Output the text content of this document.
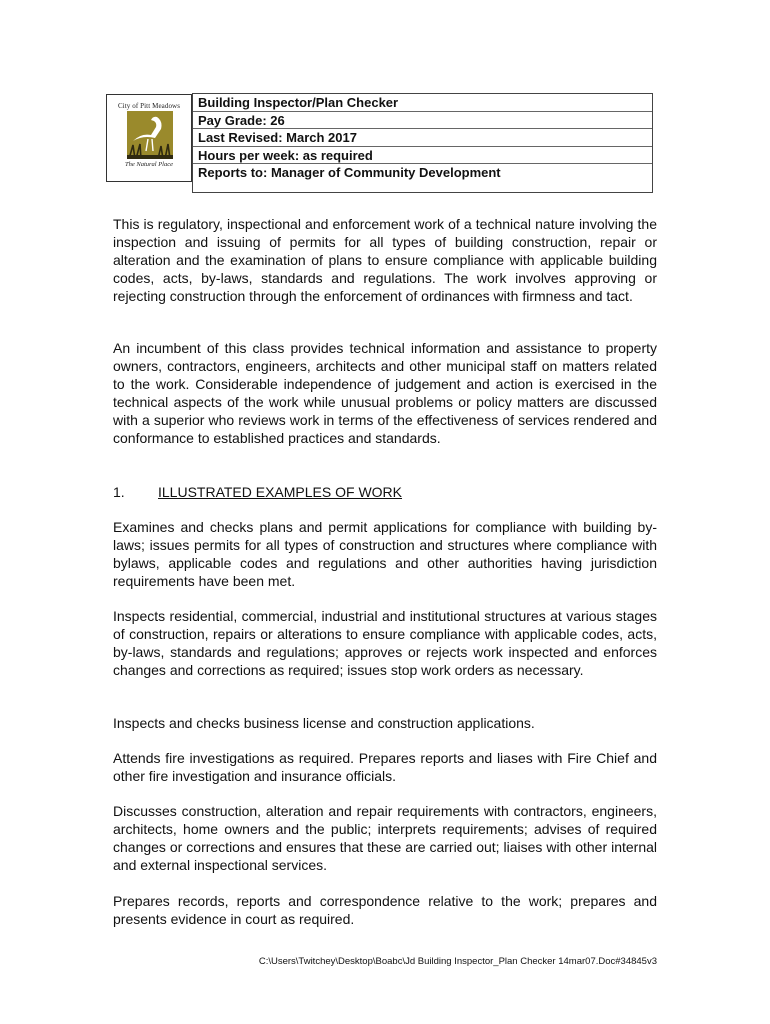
City of Pitt Meadows
The Natural Place
Building Inspector/Plan Checker
Pay Grade: 26
Last Revised: March 2017
Hours per week: as required
Reports to: Manager of Community Development

This is regulatory, inspectional and enforcement work of a technical nature involving the inspection and issuing of permits for all types of building construction, repair or alteration and the examination of plans to ensure compliance with applicable building codes, acts, by-laws, standards and regulations. The work involves approving or rejecting construction through the enforcement of ordinances with firmness and tact.

An incumbent of this class provides technical information and assistance to property owners, contractors, engineers, architects and other municipal staff on matters related to the work. Considerable independence of judgement and action is exercised in the technical aspects of the work while unusual problems or policy matters are discussed with a superior who reviews work in terms of the effectiveness of services rendered and conformance to established practices and standards.

1. ILLUSTRATED EXAMPLES OF WORK

Examines and checks plans and permit applications for compliance with building by-laws; issues permits for all types of construction and structures where compliance with bylaws, applicable codes and regulations and other authorities having jurisdiction requirements have been met.

Inspects residential, commercial, industrial and institutional structures at various stages of construction, repairs or alterations to ensure compliance with applicable codes, acts, by-laws, standards and regulations; approves or rejects work inspected and enforces changes and corrections as required; issues stop work orders as necessary.

Inspects and checks business license and construction applications.

Attends fire investigations as required. Prepares reports and liases with Fire Chief and other fire investigation and insurance officials.

Discusses construction, alteration and repair requirements with contractors, engineers, architects, home owners and the public; interprets requirements; advises of required changes or corrections and ensures that these are carried out; liaises with other internal and external inspectional services.

Prepares records, reports and correspondence relative to the work; prepares and presents evidence in court as required.

C:\Users\Twitchey\Desktop\Boabc\Jd Building Inspector_Plan Checker 14mar07.Doc#34845v3
